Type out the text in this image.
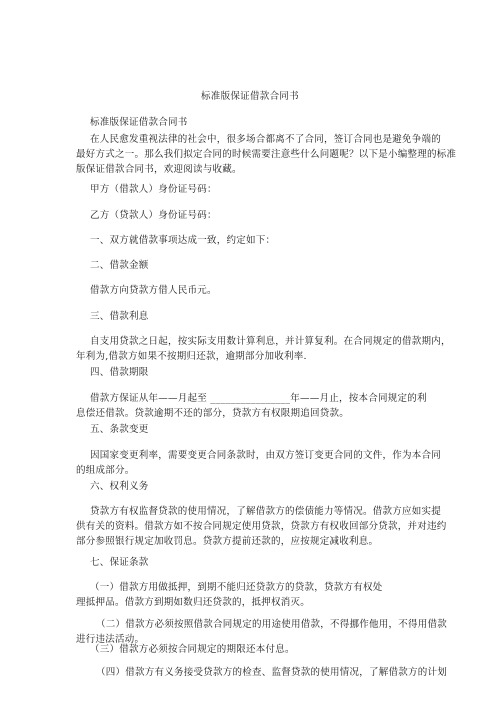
标准版保证借款合同书
标准版保证借款合同书
在人民愈发重视法律的社会中，很多场合都离不了合同，签订合同也是避免争端的
最好方式之一。那么我们拟定合同的时候需要注意些什么问题呢？以下是小编整理的标准
版保证借款合同书，欢迎阅读与收藏。
甲方（借款人）身份证号码：
乙方（贷款人）身份证号码：
一、双方就借款事项达成一致，约定如下：
二、借款金额
借款方向贷款方借人民币元。
三、借款利息
自支用贷款之日起，按实际支用数计算利息，并计算复利。在合同规定的借款期内，
年利为,借款方如果不按期归还款，逾期部分加收利率.
四、借款期限
借款方保证从年——月起至 ________________年——月止，按本合同规定的利
息偿还借款。贷款逾期不还的部分，贷款方有权限期追回贷款。
五、条款变更
因国家变更利率，需要变更合同条款时，由双方签订变更合同的文件，作为本合同
的组成部分。
六、权利义务
贷款方有权监督贷款的使用情况，了解借款方的偿债能力等情况。借款方应如实提
供有关的资料。借款方如不按合同规定使用贷款，贷款方有权收回部分贷款，并对违约
部分参照银行规定加收罚息。贷款方提前还款的，应按规定减收利息。
七、保证条款
（一）借款方用做抵押，到期不能归还贷款方的贷款，贷款方有权处
理抵押品。借款方到期如数归还贷款的，抵押权消灭。
（二）借款方必须按照借款合同规定的用途使用借款，不得挪作他用，不得用借款
进行违法活动。
（三）借款方必须按合同规定的期限还本付息。
（四）借款方有义务接受贷款方的检查、监督贷款的使用情况，了解借款方的计划
